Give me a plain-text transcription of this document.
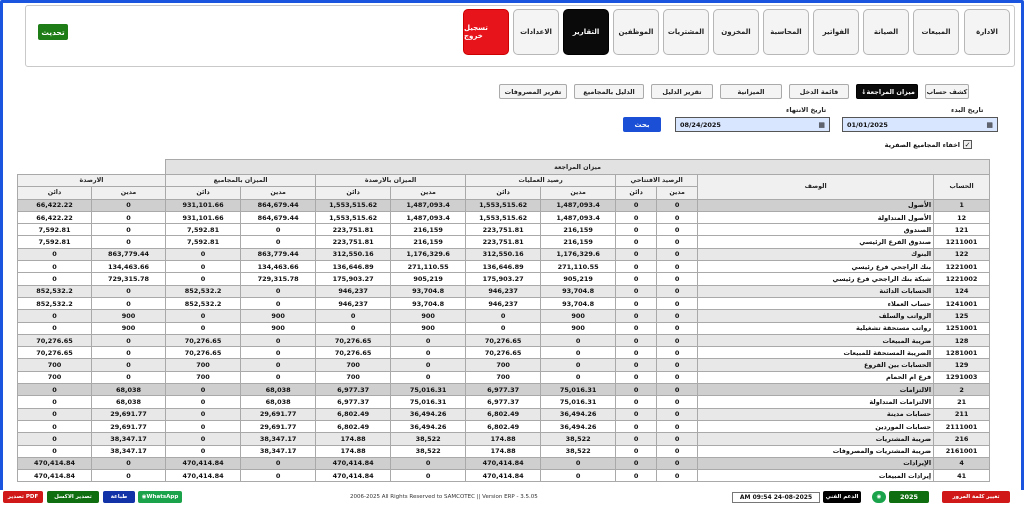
تحديث	الادارة
المبيعات
الصيانة
الفواتير
المحاسبة
المخزون
المشتريات
الموظفين
التقارير
الاعدادات
تسجيل خروج
كشف حساب
ميزان المراجعة
↓
قائمة الدخل
الميزانية
تقرير الدليل
الدليل بالمجاميع
تقرير المصروفات
تاريخ البدء
تاريخ الانتهاء
01/01/2025	▦
08/24/2025	▦
بحث
✓
اخفاء المجاميع الصفرية
ميزان المراجعة											
الحساب	الوصف	الرصيد الافتتاحي		رصيد العمليات		الميزان بالارصدة		الميزان بالمجاميع		الارصدة	
		مدين	دائن	مدين	دائن	مدين	دائن	مدين	دائن	مدين	دائن
1	الأصول	0	0	1,487,093.4	1,553,515.62	1,487,093.4	1,553,515.62	864,679.44	931,101.66	0	66,422.22
12	الأصول المتداولة	0	0	1,487,093.4	1,553,515.62	1,487,093.4	1,553,515.62	864,679.44	931,101.66	0	66,422.22
121	الصندوق	0	0	216,159	223,751.81	216,159	223,751.81	0	7,592.81	0	7,592.81
1211001	صندوق الفرع الرئيسي	0	0	216,159	223,751.81	216,159	223,751.81	0	7,592.81	0	7,592.81
122	البنوك	0	0	1,176,329.6	312,550.16	1,176,329.6	312,550.16	863,779.44	0	863,779.44	0
1221001	بنك الراجحي فرع رئيسي	0	0	271,110.55	136,646.89	271,110.55	136,646.89	134,463.66	0	134,463.66	0
1221002	شبكة بنك الراجحي فرع رئيسي	0	0	905,219	175,903.27	905,219	175,903.27	729,315.78	0	729,315.78	0
124	الحسابات الدائنة	0	0	93,704.8	946,237	93,704.8	946,237	0	852,532.2	0	852,532.2
1241001	حساب العملاء	0	0	93,704.8	946,237	93,704.8	946,237	0	852,532.2	0	852,532.2
125	الرواتب والسلف	0	0	900	0	900	0	900	0	900	0
1251001	رواتب مستحقة تشغيلية	0	0	900	0	900	0	900	0	900	0
128	ضريبة المبيعات	0	0	0	70,276.65	0	70,276.65	0	70,276.65	0	70,276.65
1281001	الضريبة المستحقة للمبيعات	0	0	0	70,276.65	0	70,276.65	0	70,276.65	0	70,276.65
129	الحسابات بين الفروع	0	0	0	700	0	700	0	700	0	700
1291003	فرع ام الحمام	0	0	0	700	0	700	0	700	0	700
2	الالتزامات	0	0	75,016.31	6,977.37	75,016.31	6,977.37	68,038	0	68,038	0
21	الالتزامات المتداولة	0	0	75,016.31	6,977.37	75,016.31	6,977.37	68,038	0	68,038	0
211	حسابات مدينة	0	0	36,494.26	6,802.49	36,494.26	6,802.49	29,691.77	0	29,691.77	0
2111001	حسابات الموردين	0	0	36,494.26	6,802.49	36,494.26	6,802.49	29,691.77	0	29,691.77	0
216	ضريبة المشتريات	0	0	38,522	174.88	38,522	174.88	38,347.17	0	38,347.17	0
2161001	ضريبة المشتريات والمصروفات	0	0	38,522	174.88	38,522	174.88	38,347.17	0	38,347.17	0
4	الإيرادات	0	0	0	470,414.84	0	470,414.84	0	470,414.84	0	470,414.84
41	إيرادات المبيعات	0	0	0	470,414.84	0	470,414.84	0	470,414.84	0	470,414.84
تصدير PDF	تصدير الاكسل	طباعة	◉ WhatsApp	2006-2025 All Rights Reserved to SAMCOTEC || Version ERP - 3.5.05	AM 09:54 24-08-2025	الدعم الفني	◉	2025	تغيير كلمة المرور
